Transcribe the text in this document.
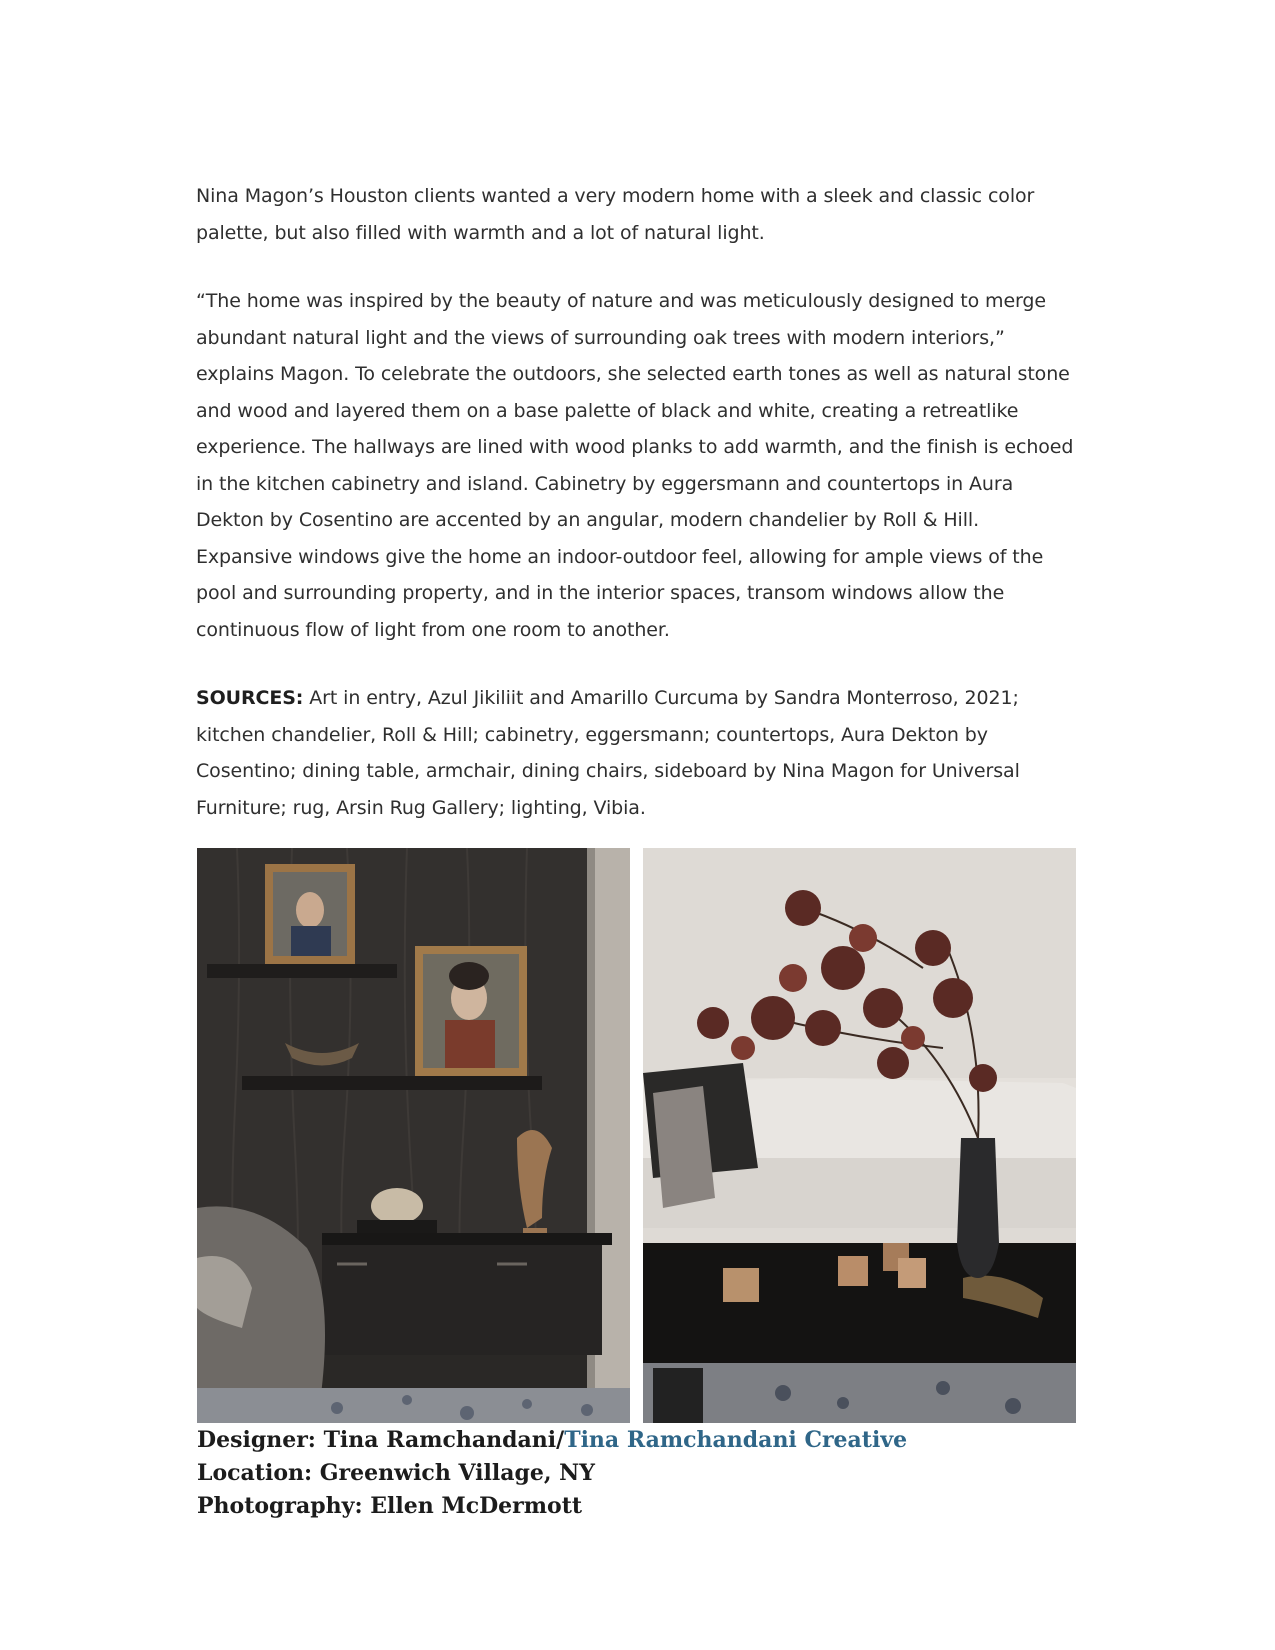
Nina Magon’s Houston clients wanted a very modern home with a sleek and classic color palette, but also filled with warmth and a lot of natural light.

“The home was inspired by the beauty of nature and was meticulously designed to merge abundant natural light and the views of surrounding oak trees with modern interiors,” explains Magon. To celebrate the outdoors, she selected earth tones as well as natural stone and wood and layered them on a base palette of black and white, creating a retreatlike experience. The hallways are lined with wood planks to add warmth, and the finish is echoed in the kitchen cabinetry and island. Cabinetry by eggersmann and countertops in Aura Dekton by Cosentino are accented by an angular, modern chandelier by Roll & Hill. Expansive windows give the home an indoor-outdoor feel, allowing for ample views of the pool and surrounding property, and in the interior spaces, transom windows allow the continuous flow of light from one room to another.

SOURCES: Art in entry, Azul Jikiliit and Amarillo Curcuma by Sandra Monterroso, 2021; kitchen chandelier, Roll & Hill; cabinetry, eggersmann; countertops, Aura Dekton by Cosentino; dining table, armchair, dining chairs, sideboard by Nina Magon for Universal Furniture; rug, Arsin Rug Gallery; lighting, Vibia.

Designer: Tina Ramchandani/Tina Ramchandani Creative
Location: Greenwich Village, NY
Photography: Ellen McDermott
